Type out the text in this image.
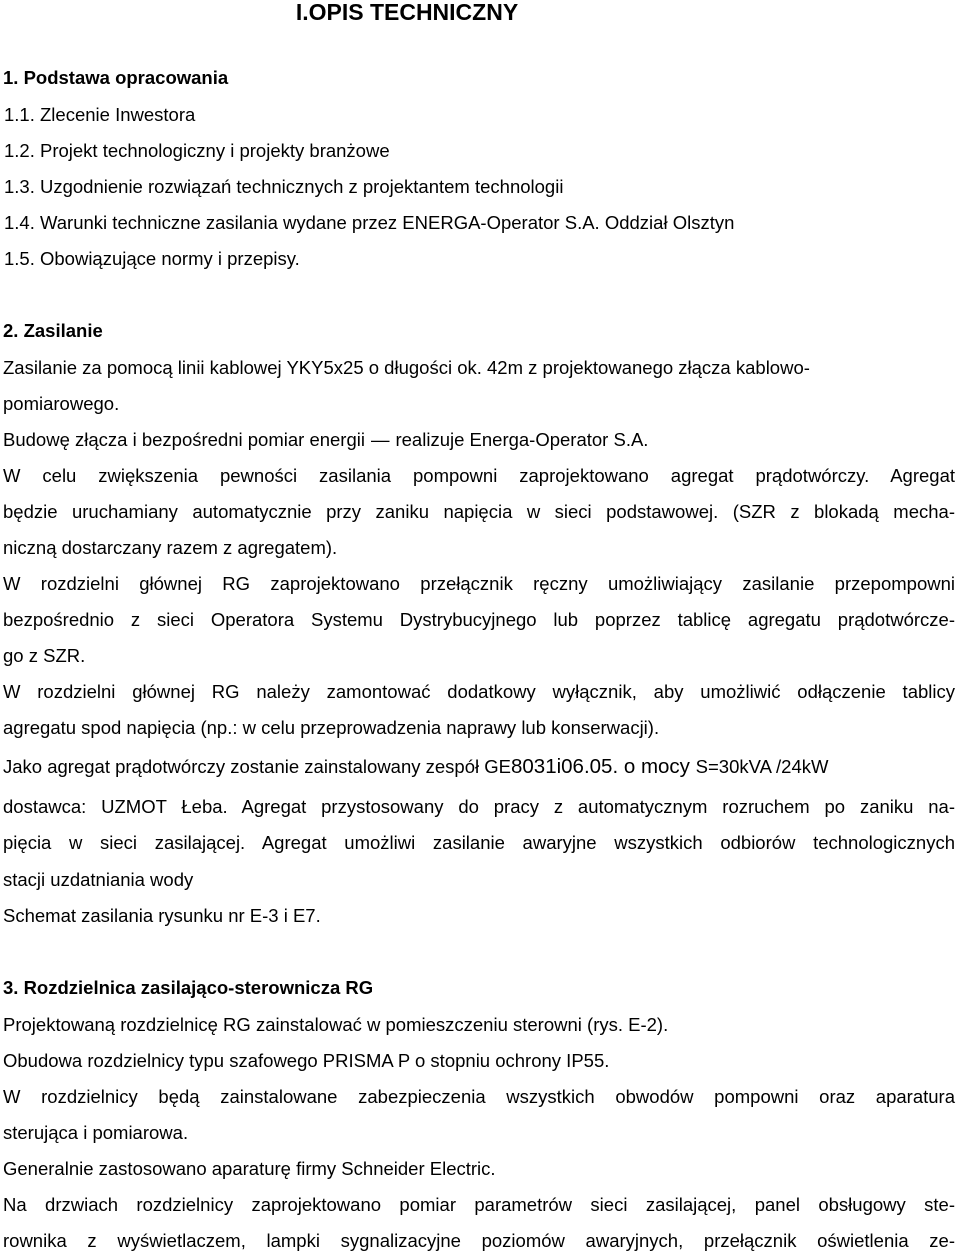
I.OPIS TECHNICZNY
1. Podstawa opracowania
1.1. Zlecenie Inwestora
1.2. Projekt technologiczny i projekty branżowe
1.3. Uzgodnienie rozwiązań technicznych z projektantem technologii
1.4. Warunki techniczne zasilania wydane przez ENERGA-Operator S.A. Oddział Olsztyn
1.5. Obowiązujące normy i przepisy.
2. Zasilanie
Zasilanie za pomocą linii kablowej YKY5x25 o długości ok. 42m z projektowanego złącza kablowo-
pomiarowego.
Budowę złącza i bezpośredni pomiar energii — realizuje Energa-Operator S.A.
W celu zwiększenia pewności zasilania pompowni zaprojektowano agregat prądotwórczy. Agregat
będzie uruchamiany automatycznie przy zaniku napięcia w sieci podstawowej. (SZR z blokadą mecha-
niczną dostarczany razem z agregatem).
W rozdzielni głównej RG zaprojektowano przełącznik ręczny umożliwiający zasilanie przepompowni
bezpośrednio z sieci Operatora Systemu Dystrybucyjnego lub poprzez tablicę agregatu prądotwórcze-
go z SZR.
W rozdzielni głównej RG należy zamontować dodatkowy wyłącznik, aby umożliwić odłączenie tablicy
agregatu spod napięcia (np.: w celu przeprowadzenia naprawy lub konserwacji).
Jako agregat prądotwórczy zostanie zainstalowany zespół GE8031i06.05. o mocy S=30kVA /24kW
dostawca: UZMOT Łeba. Agregat przystosowany do pracy z automatycznym rozruchem po zaniku na-
pięcia w sieci zasilającej. Agregat umożliwi zasilanie awaryjne wszystkich odbiorów technologicznych
stacji uzdatniania wody
Schemat zasilania rysunku nr E-3 i E7.
3. Rozdzielnica zasilająco-sterownicza RG
Projektowaną rozdzielnicę RG zainstalować w pomieszczeniu sterowni (rys. E-2).
Obudowa rozdzielnicy typu szafowego PRISMA P o stopniu ochrony IP55.
W rozdzielnicy będą zainstalowane zabezpieczenia wszystkich obwodów pompowni oraz aparatura
sterująca i pomiarowa.
Generalnie zastosowano aparaturę firmy Schneider Electric.
Na drzwiach rozdzielnicy zaprojektowano pomiar parametrów sieci zasilającej, panel obsługowy ste-
rownika z wyświetlaczem, lampki sygnalizacyjne poziomów awaryjnych, przełącznik oświetlenia ze-
